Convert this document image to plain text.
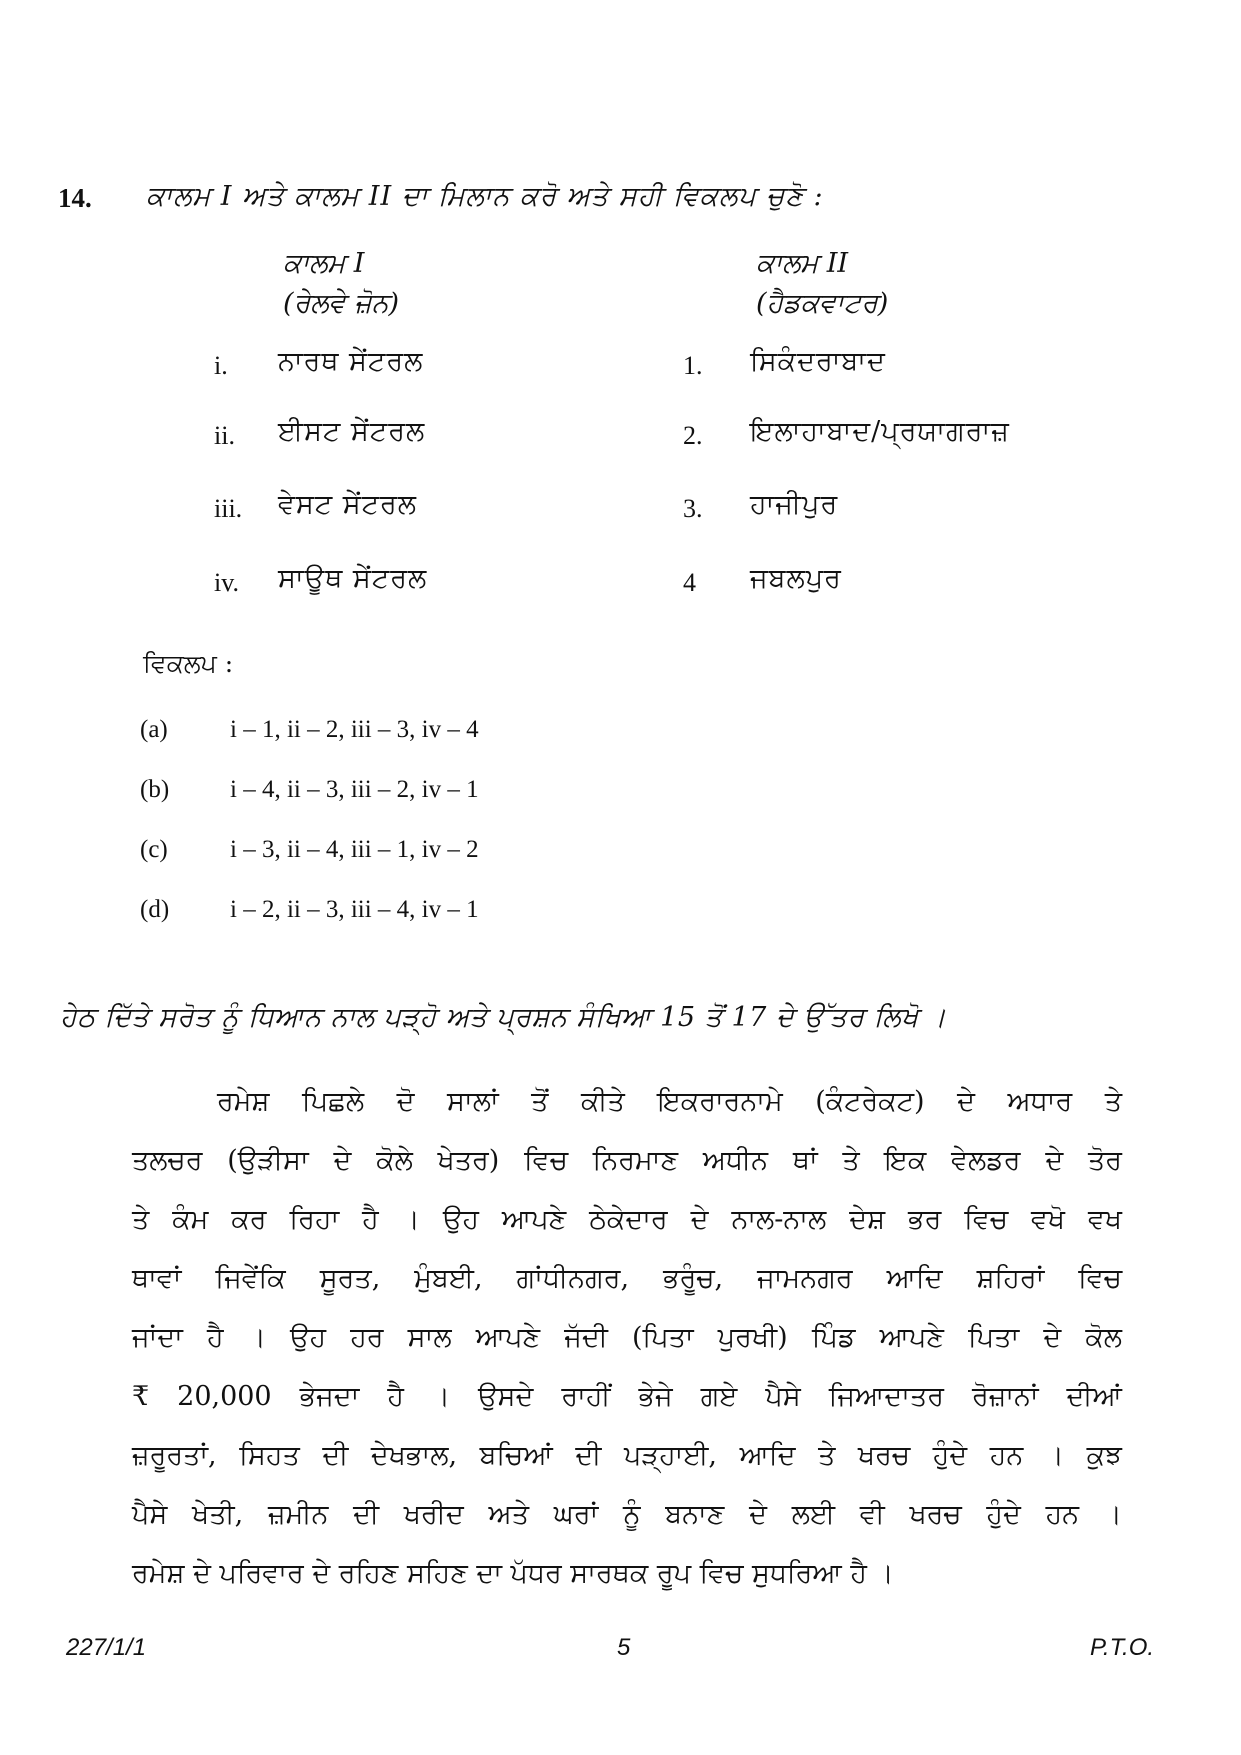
14. ਕਾਲਮ I ਅਤੇ ਕਾਲਮ II ਦਾ ਮਿਲਾਨ ਕਰੋ ਅਤੇ ਸਹੀ ਵਿਕਲਪ ਚੁਣੋ :
ਕਾਲਮ I
(ਰੇਲਵੇ ਜ਼ੋਨ)
ਕਾਲਮ II
(ਹੈਡਕਵਾਟਰ)
i. ਨਾਰਥ ਸੇਂਟਰਲ
ii. ਈਸਟ ਸੇਂਟਰਲ
iii. ਵੇਸਟ ਸੇਂਟਰਲ
iv. ਸਾਊਥ ਸੇਂਟਰਲ
1. ਸਿਕੰਦਰਾਬਾਦ
2. ਇਲਾਹਾਬਾਦ/ਪ੍ਰਯਾਗਰਾਜ਼
3. ਹਾਜੀਪੁਰ
4 ਜਬਲਪੁਰ
ਵਿਕਲਪ :
(a) i – 1, ii – 2, iii – 3, iv – 4
(b) i – 4, ii – 3, iii – 2, iv – 1
(c) i – 3, ii – 4, iii – 1, iv – 2
(d) i – 2, ii – 3, iii – 4, iv – 1
ਹੇਠ ਦਿੱਤੇ ਸਰੋਤ ਨੂੰ ਧਿਆਨ ਨਾਲ ਪੜ੍ਹੋ ਅਤੇ ਪ੍ਰਸ਼ਨ ਸੰਖਿਆ 15 ਤੋਂ 17 ਦੇ ਉੱਤਰ ਲਿਖੋ ।
ਰਮੇਸ਼ ਪਿਛਲੇ ਦੋ ਸਾਲਾਂ ਤੋਂ ਕੀਤੇ ਇਕਰਾਰਨਾਮੇ (ਕੰਟਰੇਕਟ) ਦੇ ਅਧਾਰ ਤੇ
ਤਲਚਰ (ਉੜੀਸਾ ਦੇ ਕੋਲੇ ਖੇਤਰ) ਵਿਚ ਨਿਰਮਾਣ ਅਧੀਨ ਥਾਂ ਤੇ ਇਕ ਵੇਲਡਰ ਦੇ ਤੋਰ
ਤੇ ਕੰਮ ਕਰ ਰਿਹਾ ਹੈ । ਉਹ ਆਪਣੇ ਠੇਕੇਦਾਰ ਦੇ ਨਾਲ-ਨਾਲ ਦੇਸ਼ ਭਰ ਵਿਚ ਵਖੋ ਵਖ
ਥਾਵਾਂ ਜਿਵੇਂਕਿ ਸੂਰਤ, ਮੁੰਬਈ, ਗਾਂਧੀਨਗਰ, ਭਰੂੰਚ, ਜਾਮਨਗਰ ਆਦਿ ਸ਼ਹਿਰਾਂ ਵਿਚ
ਜਾਂਦਾ ਹੈ । ਉਹ ਹਰ ਸਾਲ ਆਪਣੇ ਜੱਦੀ (ਪਿਤਾ ਪੁਰਖੀ) ਪਿੰਡ ਆਪਣੇ ਪਿਤਾ ਦੇ ਕੋਲ
₹ 20,000 ਭੇਜਦਾ ਹੈ । ਉਸਦੇ ਰਾਹੀਂ ਭੇਜੇ ਗਏ ਪੈਸੇ ਜਿਆਦਾਤਰ ਰੋਜ਼ਾਨਾਂ ਦੀਆਂ
ਜ਼ਰੂਰਤਾਂ, ਸਿਹਤ ਦੀ ਦੇਖਭਾਲ, ਬਚਿਆਂ ਦੀ ਪੜ੍ਹਾਈ, ਆਦਿ ਤੇ ਖਰਚ ਹੁੰਦੇ ਹਨ । ਕੁਝ
ਪੈਸੇ ਖੇਤੀ, ਜ਼ਮੀਨ ਦੀ ਖਰੀਦ ਅਤੇ ਘਰਾਂ ਨੂੰ ਬਨਾਣ ਦੇ ਲਈ ਵੀ ਖਰਚ ਹੁੰਦੇ ਹਨ ।
ਰਮੇਸ਼ ਦੇ ਪਰਿਵਾਰ ਦੇ ਰਹਿਣ ਸਹਿਣ ਦਾ ਪੱਧਰ ਸਾਰਥਕ ਰੂਪ ਵਿਚ ਸੁਧਰਿਆ ਹੈ ।
227/1/1	5	P.T.O.
